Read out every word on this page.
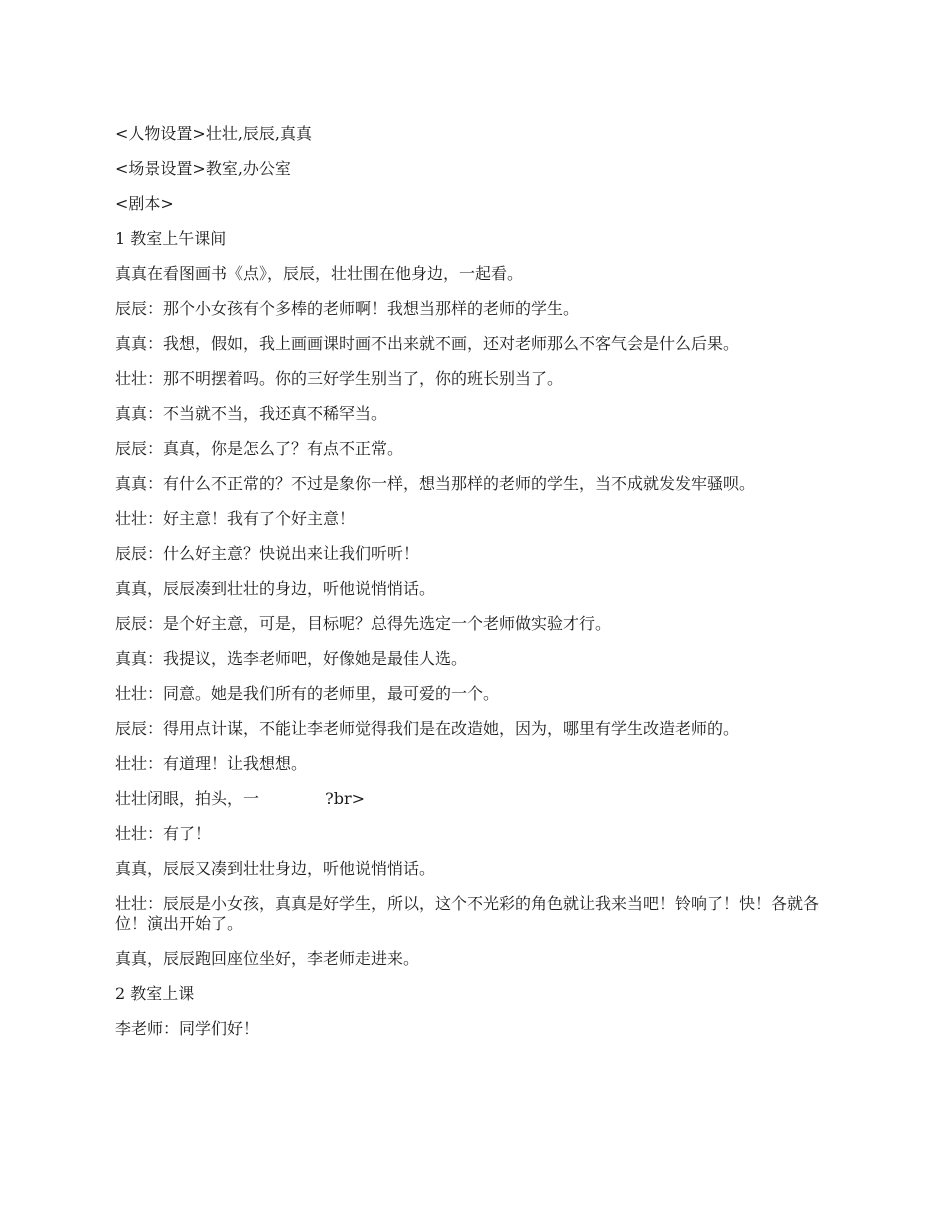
<人物设置>壮壮,辰辰,真真

<场景设置>教室,办公室

<剧本>

1 教室上午课间

真真在看图画书《点》，辰辰，壮壮围在他身边，一起看。

辰辰：那个小女孩有个多棒的老师啊！我想当那样的老师的学生。

真真：我想，假如，我上画画课时画不出来就不画，还对老师那么不客气会是什么后果。

壮壮：那不明摆着吗。你的三好学生别当了，你的班长别当了。

真真：不当就不当，我还真不稀罕当。

辰辰：真真，你是怎么了？有点不正常。

真真：有什么不正常的？不过是象你一样，想当那样的老师的学生，当不成就发发牢骚呗。

壮壮：好主意！我有了个好主意！

辰辰：什么好主意？快说出来让我们听听！

真真，辰辰凑到壮壮的身边，听他说悄悄话。

辰辰：是个好主意，可是，目标呢？总得先选定一个老师做实验才行。

真真：我提议，选李老师吧，好像她是最佳人选。

壮壮：同意。她是我们所有的老师里，最可爱的一个。

辰辰：得用点计谋，不能让李老师觉得我们是在改造她，因为，哪里有学生改造老师的。

壮壮：有道理！让我想想。

壮壮闭眼，拍头，一             ?br>

壮壮：有了！

真真，辰辰又凑到壮壮身边，听他说悄悄话。

壮壮：辰辰是小女孩，真真是好学生，所以，这个不光彩的角色就让我来当吧！铃响了！快！各就各位！演出开始了。

真真，辰辰跑回座位坐好，李老师走进来。

2 教室上课

李老师：同学们好！
